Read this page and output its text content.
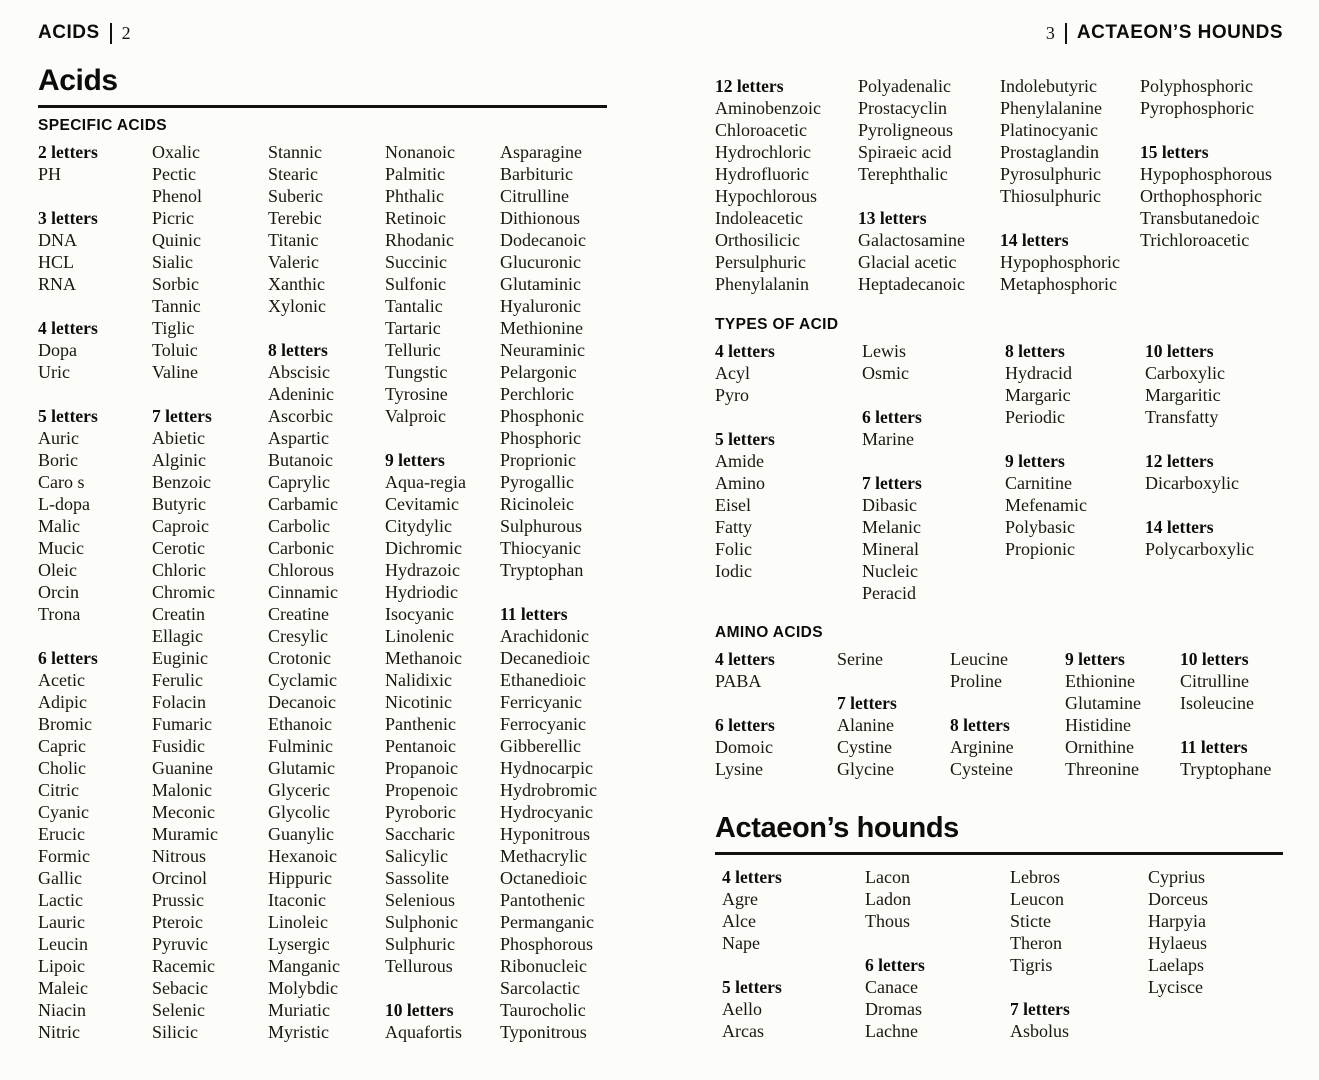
ACIDS 2
Acids
SPECIFIC ACIDS
2 letters
PH
3 letters
DNA
HCL
RNA
4 letters
Dopa
Uric
5 letters
Auric
Boric
Caro s
L-dopa
Malic
Mucic
Oleic
Orcin
Trona
6 letters
Acetic
Adipic
Bromic
Capric
Cholic
Citric
Cyanic
Erucic
Formic
Gallic
Lactic
Lauric
Leucin
Lipoic
Maleic
Niacin
Nitric
Oxalic
Pectic
Phenol
Picric
Quinic
Sialic
Sorbic
Tannic
Tiglic
Toluic
Valine
7 letters
Abietic
Alginic
Benzoic
Butyric
Caproic
Cerotic
Chloric
Chromic
Creatin
Ellagic
Euginic
Ferulic
Folacin
Fumaric
Fusidic
Guanine
Malonic
Meconic
Muramic
Nitrous
Orcinol
Prussic
Pteroic
Pyruvic
Racemic
Sebacic
Selenic
Silicic
Stannic
Stearic
Suberic
Terebic
Titanic
Valeric
Xanthic
Xylonic
8 letters
Abscisic
Adeninic
Ascorbic
Aspartic
Butanoic
Caprylic
Carbamic
Carbolic
Carbonic
Chlorous
Cinnamic
Creatine
Cresylic
Crotonic
Cyclamic
Decanoic
Ethanoic
Fulminic
Glutamic
Glyceric
Glycolic
Guanylic
Hexanoic
Hippuric
Itaconic
Linoleic
Lysergic
Manganic
Molybdic
Muriatic
Myristic
Nonanoic
Palmitic
Phthalic
Retinoic
Rhodanic
Succinic
Sulfonic
Tantalic
Tartaric
Telluric
Tungstic
Tyrosine
Valproic
9 letters
Aqua-regia
Cevitamic
Citydylic
Dichromic
Hydrazoic
Hydriodic
Isocyanic
Linolenic
Methanoic
Nalidixic
Nicotinic
Panthenic
Pentanoic
Propanoic
Propenoic
Pyroboric
Saccharic
Salicylic
Sassolite
Selenious
Sulphonic
Sulphuric
Tellurous
10 letters
Aquafortis
Asparagine
Barbituric
Citrulline
Dithionous
Dodecanoic
Glucuronic
Glutaminic
Hyaluronic
Methionine
Neuraminic
Pelargonic
Perchloric
Phosphonic
Phosphoric
Proprionic
Pyrogallic
Ricinoleic
Sulphurous
Thiocyanic
Tryptophan
11 letters
Arachidonic
Decanedioic
Ethanedioic
Ferricyanic
Ferrocyanic
Gibberellic
Hydnocarpic
Hydrobromic
Hydrocyanic
Hyponitrous
Methacrylic
Octanedioic
Pantothenic
Permanganic
Phosphorous
Ribonucleic
Sarcolactic
Taurocholic
Typonitrous
3 ACTAEON’S HOUNDS
12 letters
Aminobenzoic
Chloroacetic
Hydrochloric
Hydrofluoric
Hypochlorous
Indoleacetic
Orthosilicic
Persulphuric
Phenylalanin
Polyadenalic
Prostacyclin
Pyroligneous
Spiraeic acid
Terephthalic
13 letters
Galactosamine
Glacial acetic
Heptadecanoic
Indolebutyric
Phenylalanine
Platinocyanic
Prostaglandin
Pyrosulphuric
Thiosulphuric
14 letters
Hypophosphoric
Metaphosphoric
Polyphosphoric
Pyrophosphoric
15 letters
Hypophosphorous
Orthophosphoric
Transbutanedoic
Trichloroacetic
TYPES OF ACID
4 letters
Acyl
Pyro
5 letters
Amide
Amino
Eisel
Fatty
Folic
Iodic
Lewis
Osmic
6 letters
Marine
7 letters
Dibasic
Melanic
Mineral
Nucleic
Peracid
8 letters
Hydracid
Margaric
Periodic
9 letters
Carnitine
Mefenamic
Polybasic
Propionic
10 letters
Carboxylic
Margaritic
Transfatty
12 letters
Dicarboxylic
14 letters
Polycarboxylic
AMINO ACIDS
4 letters
PABA
6 letters
Domoic
Lysine
Serine
7 letters
Alanine
Cystine
Glycine
Leucine
Proline
8 letters
Arginine
Cysteine
9 letters
Ethionine
Glutamine
Histidine
Ornithine
Threonine
10 letters
Citrulline
Isoleucine
11 letters
Tryptophane
Actaeon’s hounds
4 letters
Agre
Alce
Nape
5 letters
Aello
Arcas
Lacon
Ladon
Thous
6 letters
Canace
Dromas
Lachne
Lebros
Leucon
Sticte
Theron
Tigris
7 letters
Asbolus
Cyprius
Dorceus
Harpyia
Hylaeus
Laelaps
Lycisce
